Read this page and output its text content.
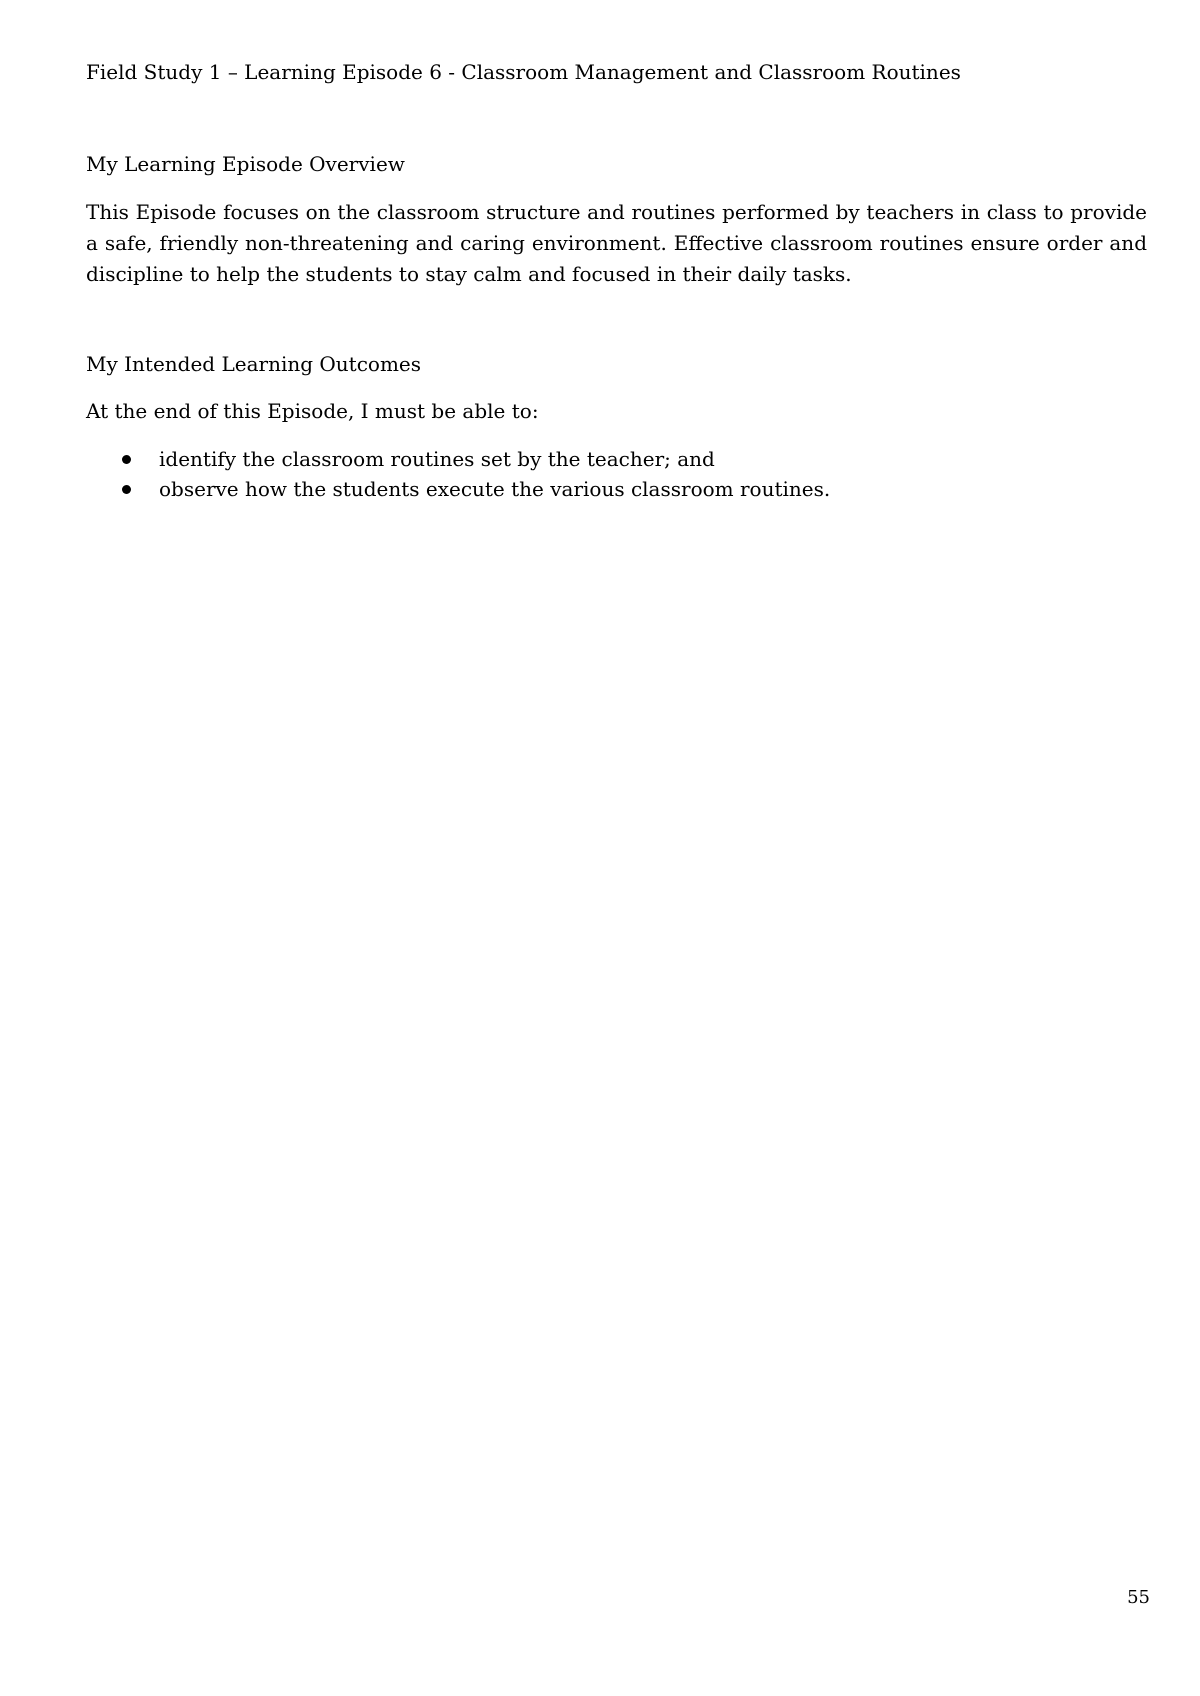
Field Study 1 – Learning Episode 6 - Classroom Management and Classroom Routines
My Learning Episode Overview

This Episode focuses on the classroom structure and routines performed by teachers in class to provide a safe, friendly non-threatening and caring environment. Effective classroom routines ensure order and discipline to help the students to stay calm and focused in their daily tasks.

My Intended Learning Outcomes
At the end of this Episode, I must be able to:
identify the classroom routines set by the teacher; and
observe how the students execute the various classroom routines.
55
